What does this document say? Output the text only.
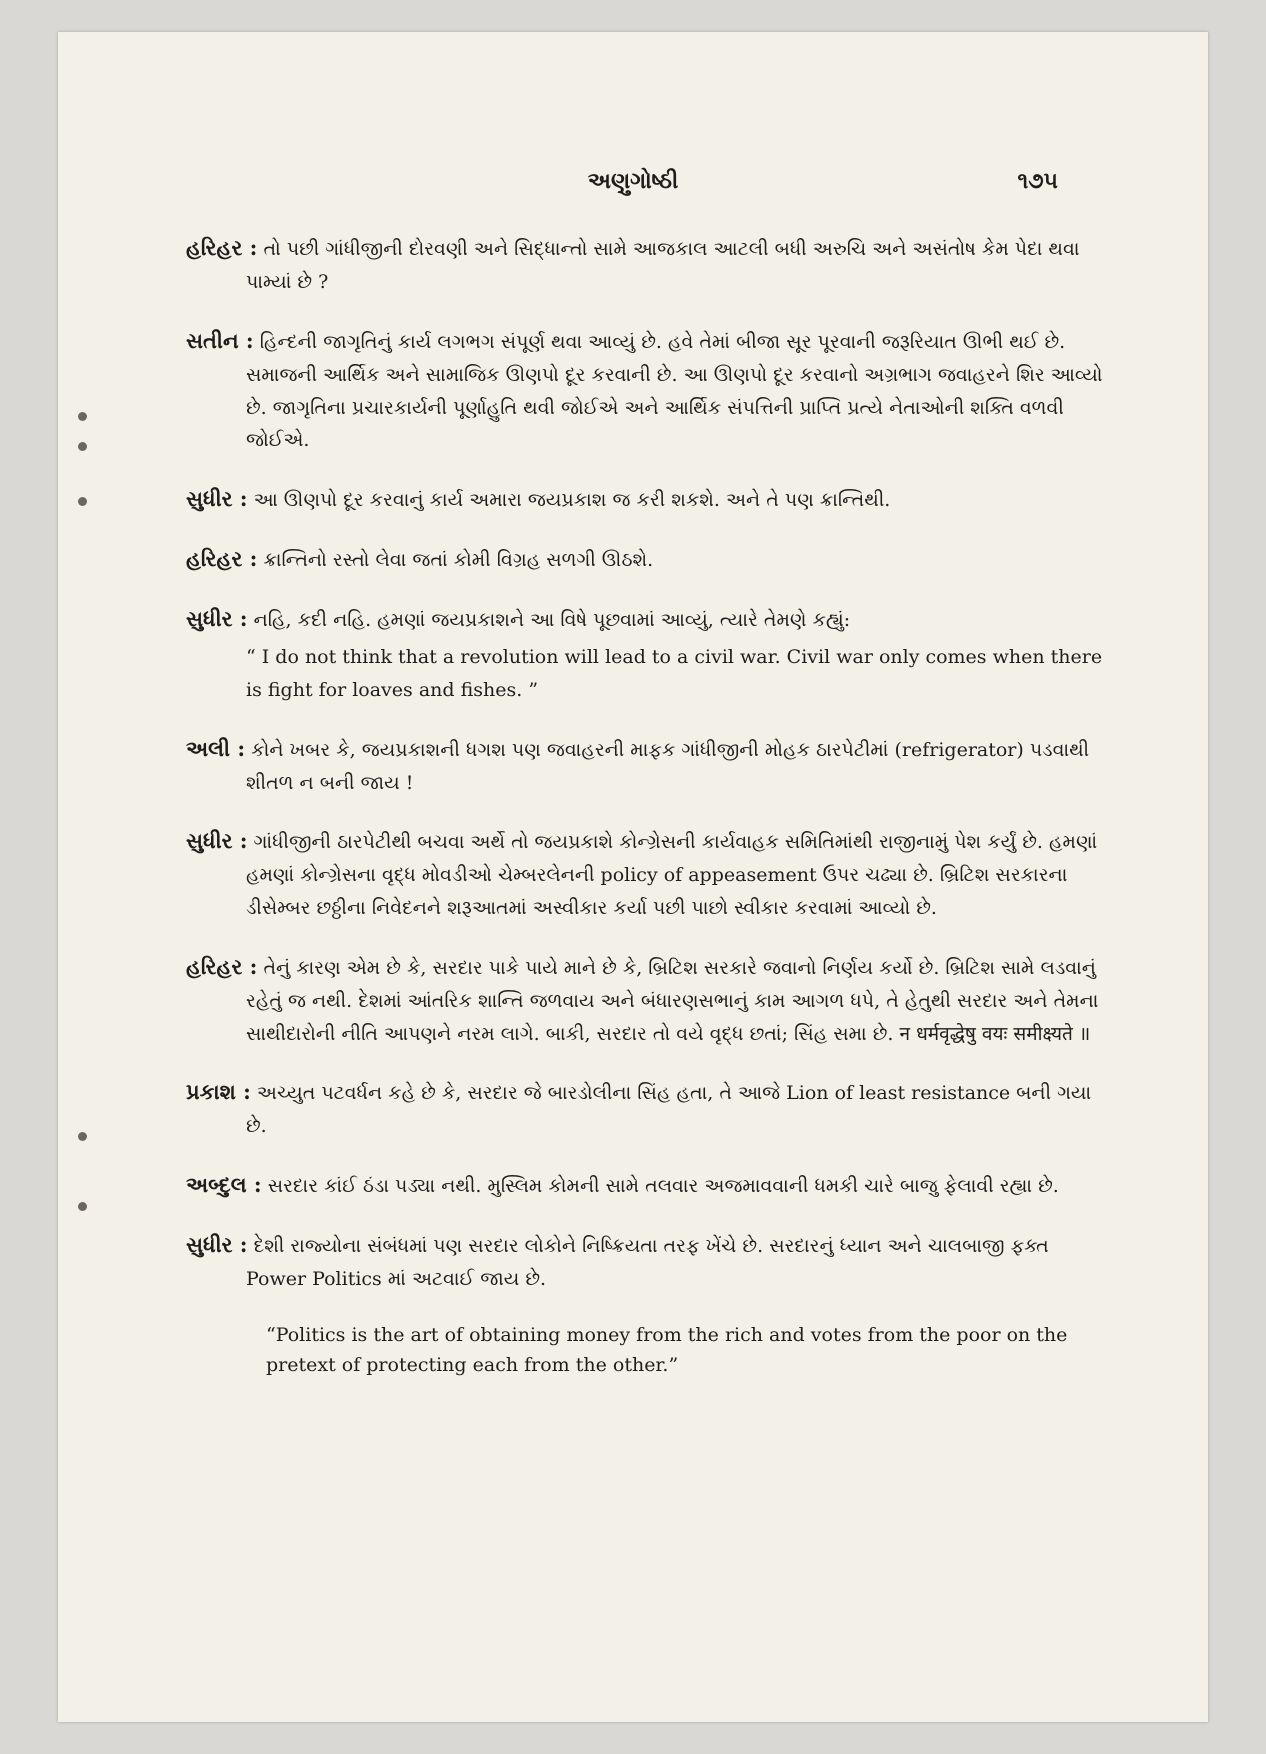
અણુગોષ્ઠી	૧૭૫

હરિહર : તો પછી ગાંધીજીની દોરવણી અને સિદ્ધાન્તો સામે આજકાલ આટલી બધી અરુચિ અને અસંતોષ કેમ પેદા થવા પામ્યાં છે ?

સતીન : હિન્દની જાગૃતિનું કાર્ય લગભગ સંપૂર્ણ થવા આવ્યું છે. હવે તેમાં બીજા સૂર પૂરવાની જરૂરિયાત ઊભી થઈ છે. સમાજની આર્થિક અને સામાજિક ઊણપો દૂર કરવાની છે. આ ઊણપો દૂર કરવાનો અગ્રભાગ જવાહરને શિર આવ્યો છે. જાગૃતિના પ્રચારકાર્યની પૂર્ણાહુતિ થવી જોઈએ અને આર્થિક સંપત્તિની પ્રાપ્તિ પ્રત્યે નેતાઓની શક્તિ વળવી જોઈએ.

સુધીર : આ ઊણપો દૂર કરવાનું કાર્ય અમારા જયપ્રકાશ જ કરી શકશે. અને તે પણ ક્રાન્તિથી.

હરિહર : ક્રાન્તિનો રસ્તો લેવા જતાં કોમી વિગ્રહ સળગી ઊઠશે.

સુધીર : નહિ, કદી નહિ. હમણાં જયપ્રકાશને આ વિષે પૂછવામાં આવ્યું, ત્યારે તેમણે કહ્યું:
“ I do not think that a revolution will lead to a civil war. Civil war only comes when there is fight for loaves and fishes. ”

અલી : કોને ખબર કે, જયપ્રકાશની ધગશ પણ જવાહરની માફક ગાંધીજીની મોહક ઠારપેટીમાં (refrigerator) પડવાથી શીતળ ન બની જાય !

સુધીર : ગાંધીજીની ઠારપેટીથી બચવા અર્થે તો જયપ્રકાશે કોન્ગ્રેસની કાર્યવાહક સમિતિમાંથી રાજીનામું પેશ કર્યું છે. હમણાં હમણાં કોન્ગ્રેસના વૃદ્ધ મોવડીઓ ચેમ્બરલેનની policy of appeasement ઉપર ચઢ્યા છે. બ્રિટિશ સરકારના ડીસેમ્બર છઠ્ઠીના નિવેદનને શરૂઆતમાં અસ્વીકાર કર્યા પછી પાછો સ્વીકાર કરવામાં આવ્યો છે.

હરિહર : તેનું કારણ એમ છે કે, સરદાર પાકે પાયે માને છે કે, બ્રિટિશ સરકારે જવાનો નિર્ણય કર્યો છે. બ્રિટિશ સામે લડવાનું રહેતું જ નથી. દેશમાં આંતરિક શાન્તિ જળવાય અને બંધારણસભાનું કામ આગળ ધપે, તે હેતુથી સરદાર અને તેમના સાથીદારોની નીતિ આપણને નરમ લાગે. બાકી, સરદાર તો વયે વૃદ્ધ છતાં; સિંહ સમા છે. न धर्मवृद्धेषु वयः समीक्ष्यते ॥

પ્રકાશ : અચ્યુત પટવર્ધન કહે છે કે, સરદાર જે બારડોલીના સિંહ હતા, તે આજે Lion of least resistance બની ગયા છે.

અબ્દુલ : સરદાર કાંઈ ઠંડા પડ્યા નથી. મુસ્લિમ કોમની સામે તલવાર અજમાવવાની ધમકી ચારે બાજુ ફેલાવી રહ્યા છે.

સુધીર : દેશી રાજ્યોના સંબંધમાં પણ સરદાર લોકોને નિષ્ક્રિયતા તરફ ખેંચે છે. સરદારનું ધ્યાન અને ચાલબાજી ફક્ત Power Politics માં અટવાઈ જાય છે.

“Politics is the art of obtaining money from the rich and votes from the poor on the pretext of protecting each from the other.”
